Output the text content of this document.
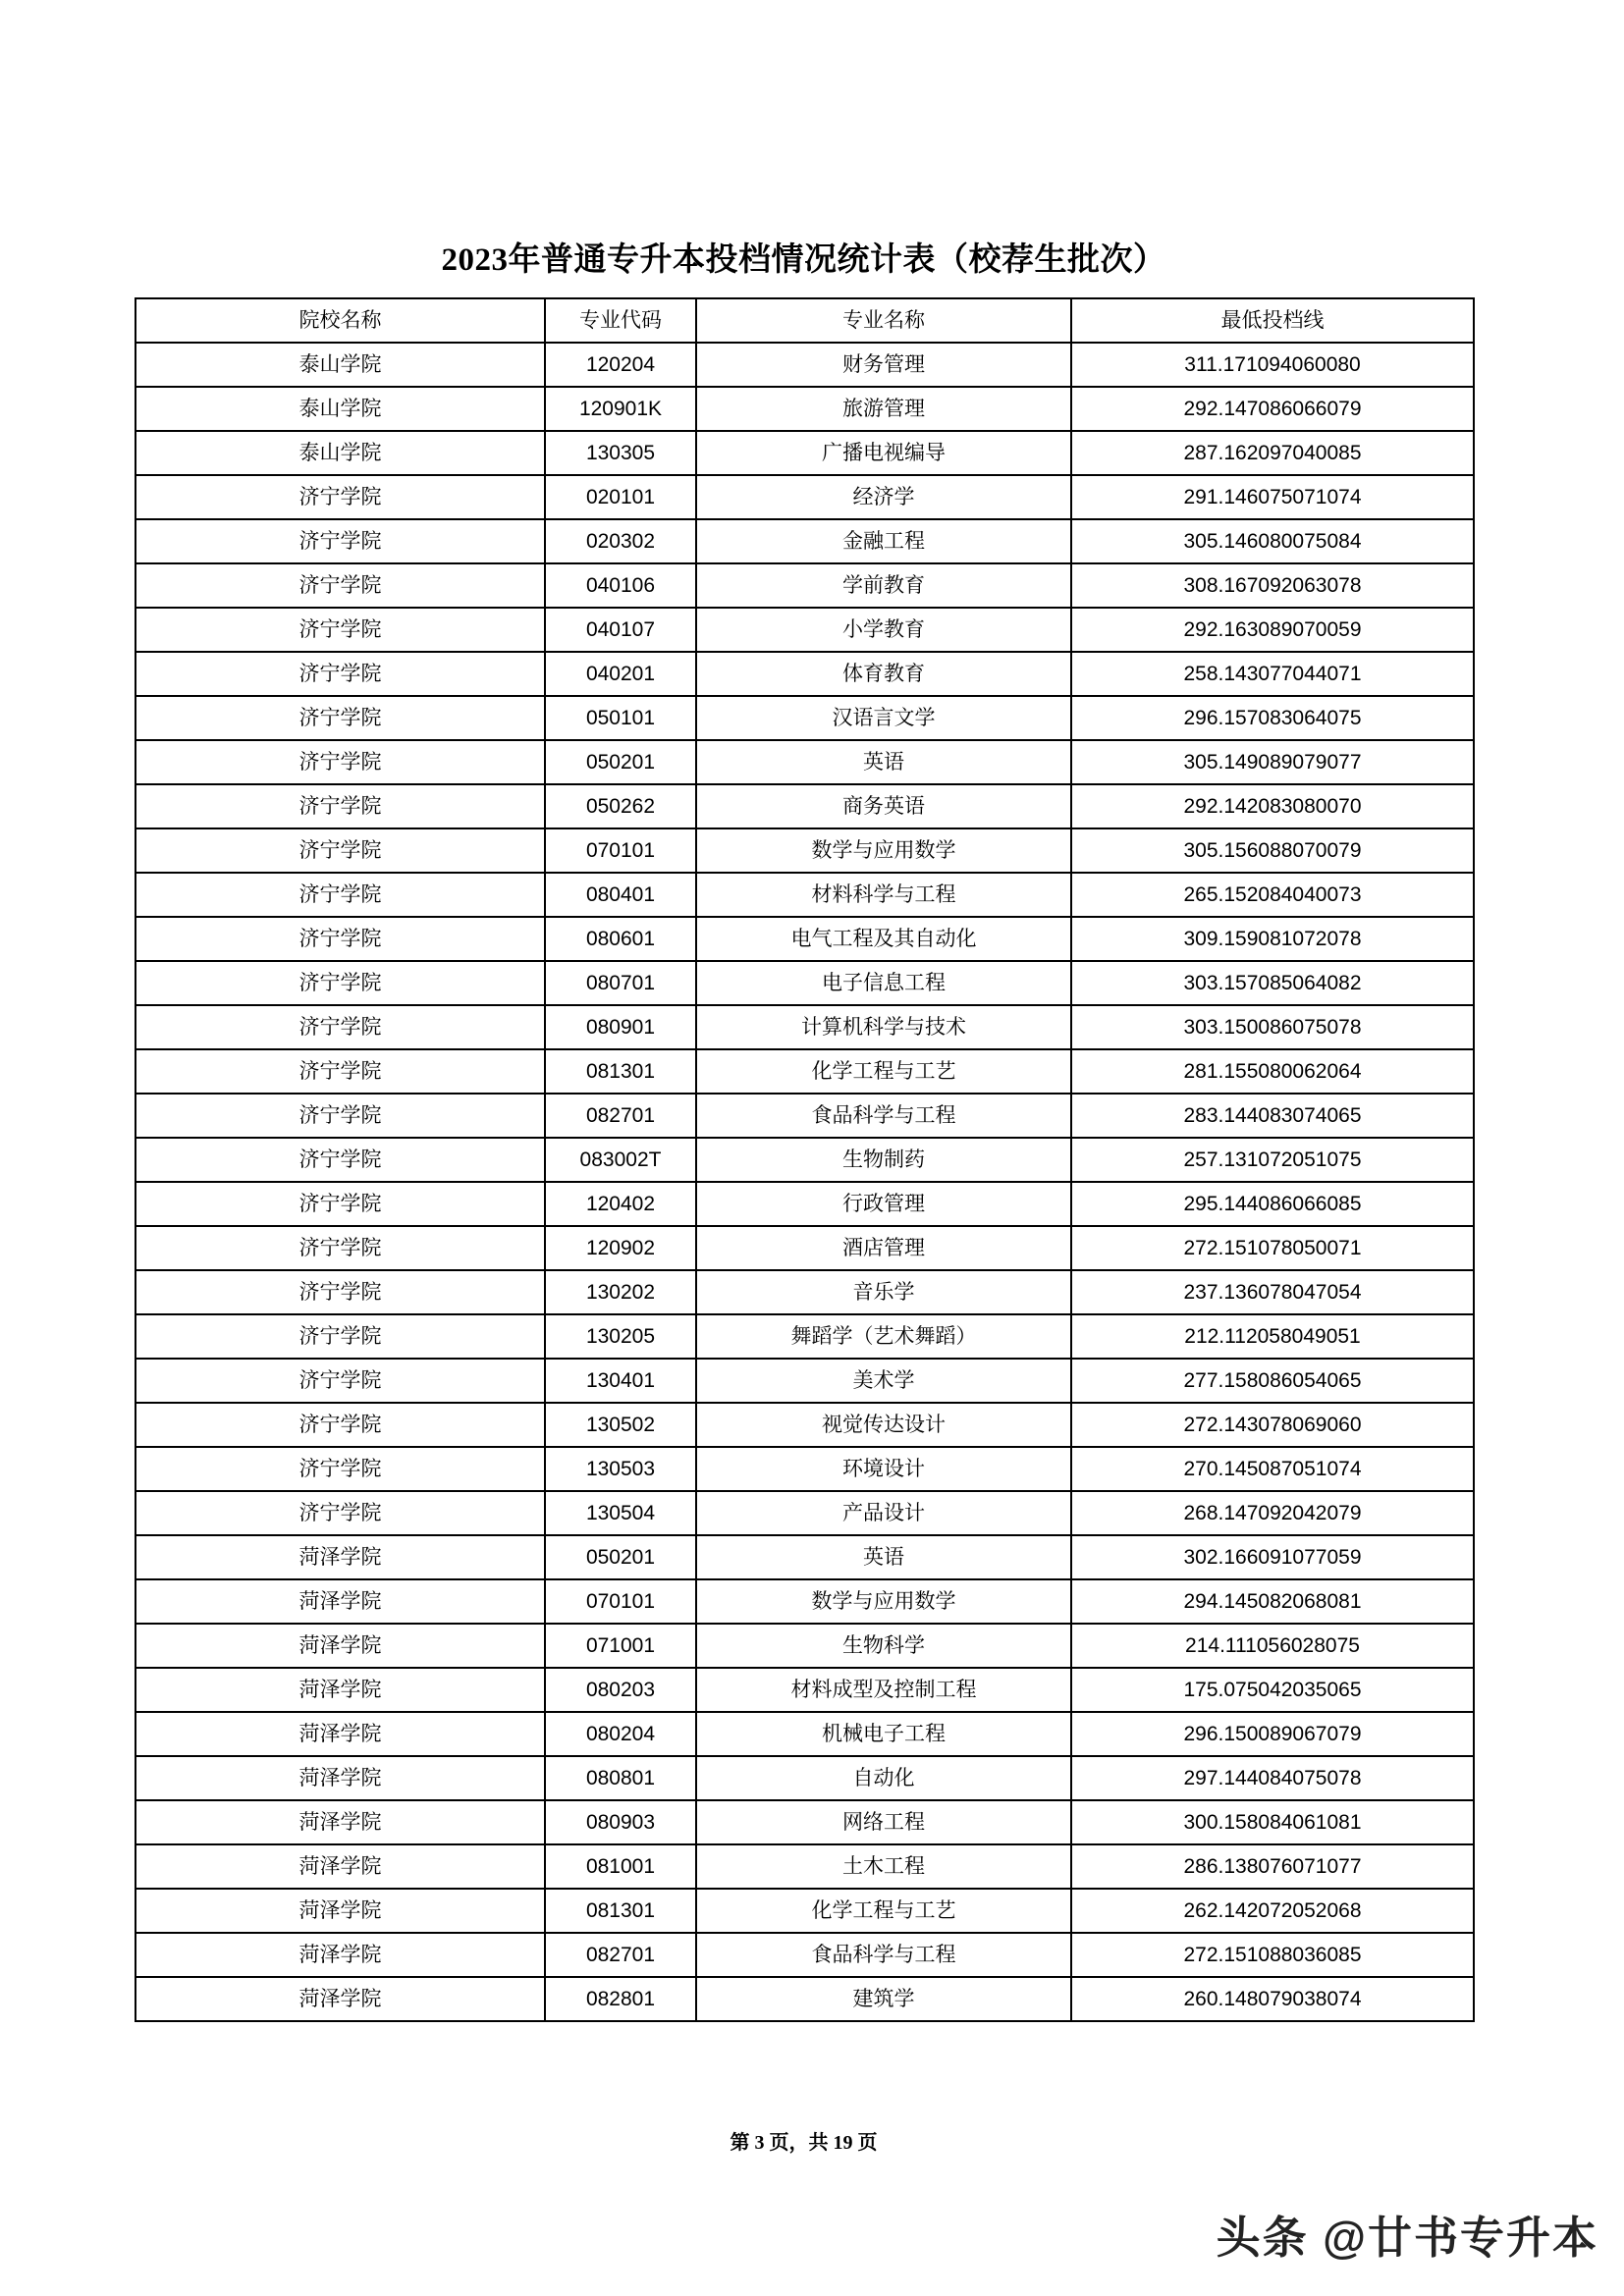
2023年普通专升本投档情况统计表（校荐生批次）
院校名称	专业代码	专业名称	最低投档线
泰山学院	120204	财务管理	311.171094060080
泰山学院	120901K	旅游管理	292.147086066079
泰山学院	130305	广播电视编导	287.162097040085
济宁学院	020101	经济学	291.146075071074
济宁学院	020302	金融工程	305.146080075084
济宁学院	040106	学前教育	308.167092063078
济宁学院	040107	小学教育	292.163089070059
济宁学院	040201	体育教育	258.143077044071
济宁学院	050101	汉语言文学	296.157083064075
济宁学院	050201	英语	305.149089079077
济宁学院	050262	商务英语	292.142083080070
济宁学院	070101	数学与应用数学	305.156088070079
济宁学院	080401	材料科学与工程	265.152084040073
济宁学院	080601	电气工程及其自动化	309.159081072078
济宁学院	080701	电子信息工程	303.157085064082
济宁学院	080901	计算机科学与技术	303.150086075078
济宁学院	081301	化学工程与工艺	281.155080062064
济宁学院	082701	食品科学与工程	283.144083074065
济宁学院	083002T	生物制药	257.131072051075
济宁学院	120402	行政管理	295.144086066085
济宁学院	120902	酒店管理	272.151078050071
济宁学院	130202	音乐学	237.136078047054
济宁学院	130205	舞蹈学（艺术舞蹈）	212.112058049051
济宁学院	130401	美术学	277.158086054065
济宁学院	130502	视觉传达设计	272.143078069060
济宁学院	130503	环境设计	270.145087051074
济宁学院	130504	产品设计	268.147092042079
菏泽学院	050201	英语	302.166091077059
菏泽学院	070101	数学与应用数学	294.145082068081
菏泽学院	071001	生物科学	214.111056028075
菏泽学院	080203	材料成型及控制工程	175.075042035065
菏泽学院	080204	机械电子工程	296.150089067079
菏泽学院	080801	自动化	297.144084075078
菏泽学院	080903	网络工程	300.158084061081
菏泽学院	081001	土木工程	286.138076071077
菏泽学院	081301	化学工程与工艺	262.142072052068
菏泽学院	082701	食品科学与工程	272.151088036085
菏泽学院	082801	建筑学	260.148079038074
第 3 页，共 19 页
头条 @廿书专升本
